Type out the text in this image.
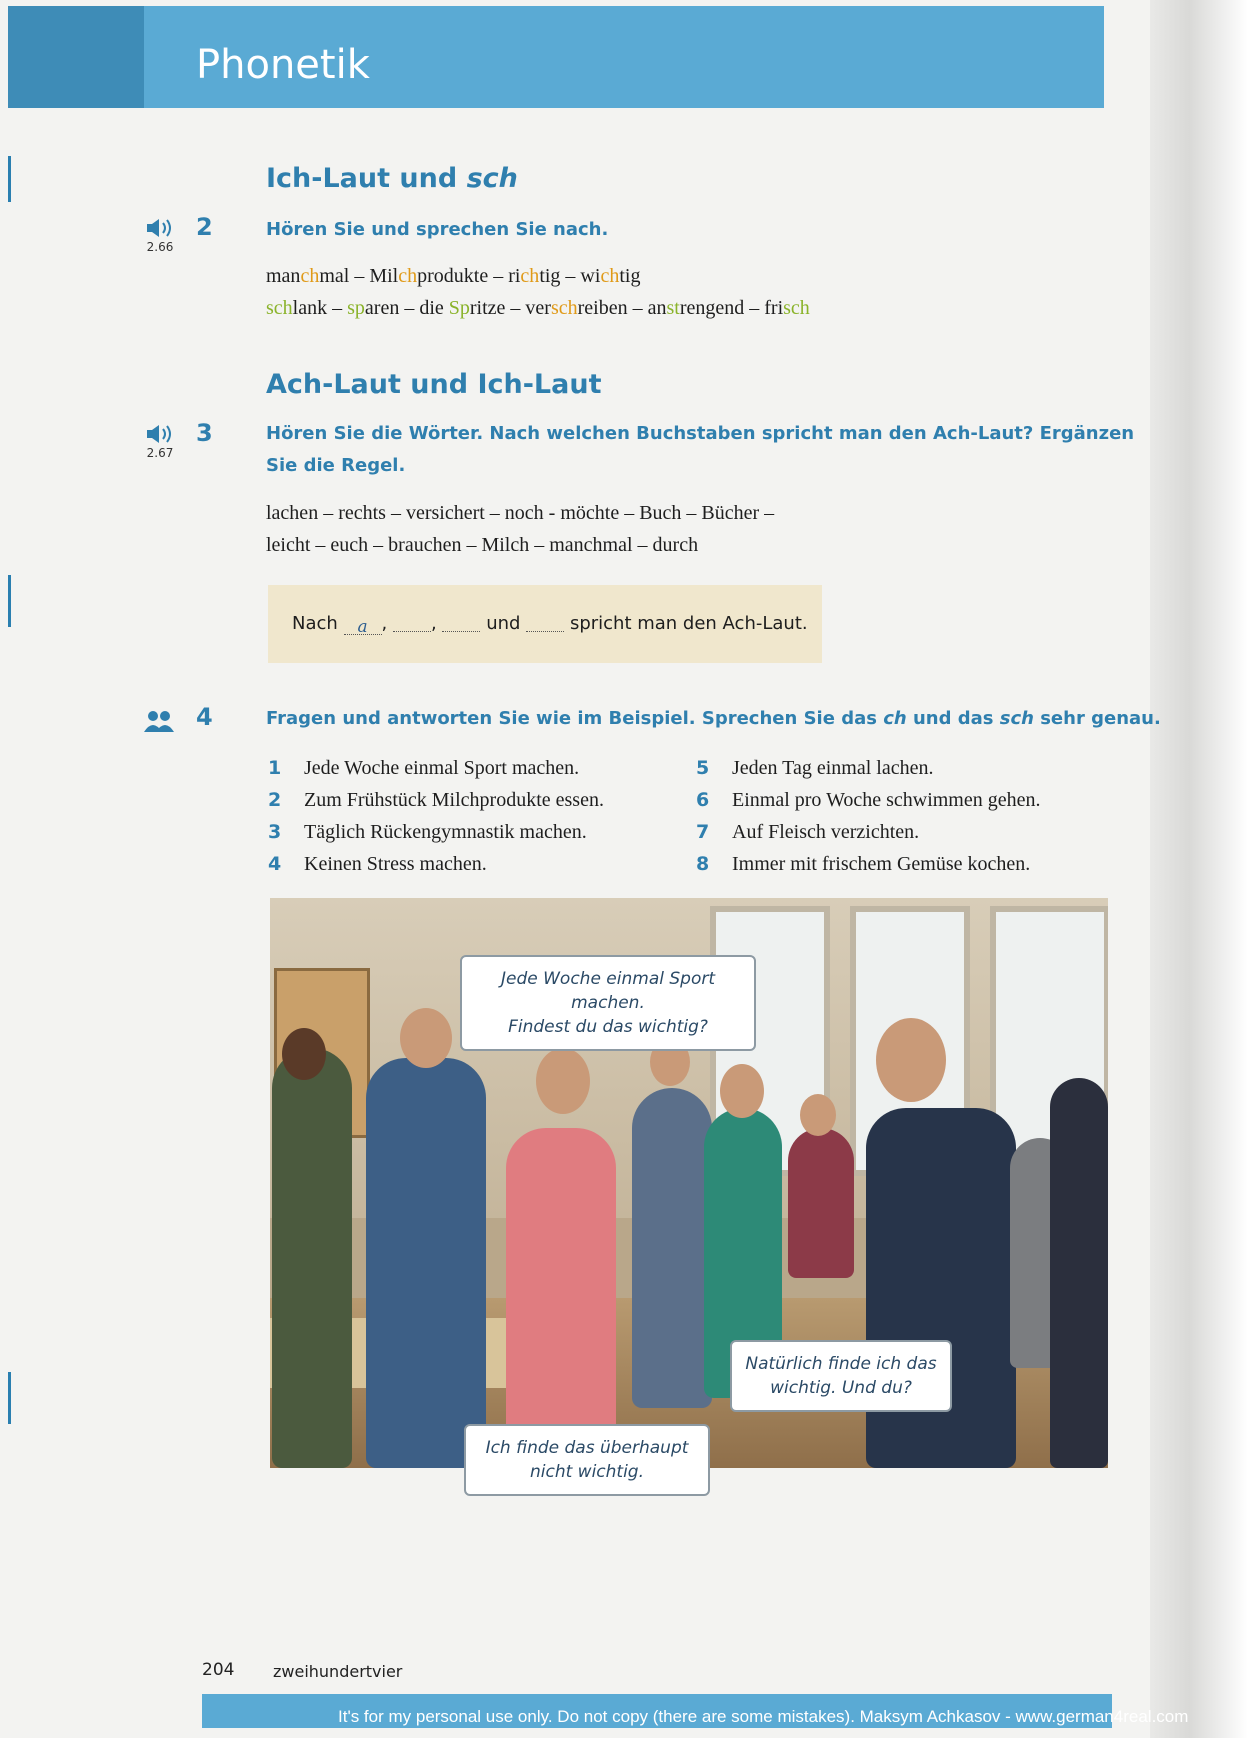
Phonetik
Ich-Laut und sch
2.66
2	Hören Sie und sprechen Sie nach.
manchmal – Milchprodukte – richtig – wichtig
schlank – sparen – die Spritze – verschreiben – anstrengend – frisch
Ach-Laut und Ich-Laut
2.67
3	Hören Sie die Wörter. Nach welchen Buchstaben spricht man den Ach-Laut? Ergänzen
Sie die Regel.
lachen – rechts – versichert – noch - möchte – Buch – Bücher –
leicht – euch – brauchen – Milch – manchmal – durch
Nach a , ,	und	spricht man den Ach-Laut.
4	Fragen und antworten Sie wie im Beispiel. Sprechen Sie das ch und das sch sehr genau.
1	Jede Woche einmal Sport machen.
2	Zum Frühstück Milchprodukte essen.
3	Täglich Rückengymnastik machen.
4	Keinen Stress machen.
5	Jeden Tag einmal lachen.
6	Einmal pro Woche schwimmen gehen.
7	Auf Fleisch verzichten.
8	Immer mit frischem Gemüse kochen.
Jede Woche einmal Sport machen.
Findest du das wichtig?
Natürlich finde ich das
wichtig. Und du?
Ich finde das überhaupt
nicht wichtig.
204 zweihundertvier
It's for my personal use only. Do not copy (there are some mistakes). Maksym Achkasov - www.german4real.com
